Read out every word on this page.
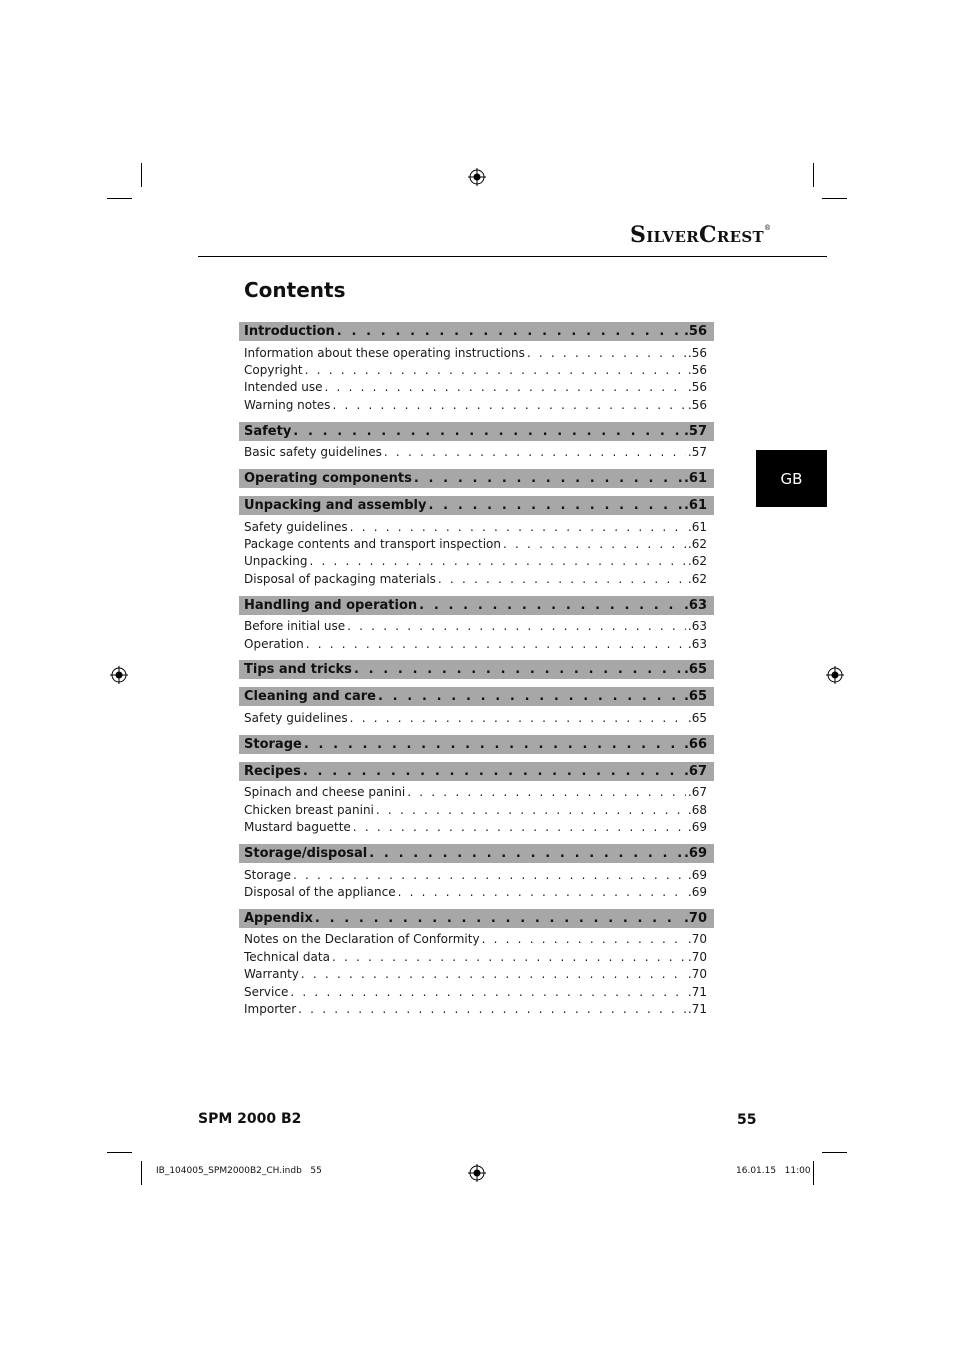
SILVERCREST®
Contents
GB
Introduction . . .	.56
Information about these operating instructions . . .	.56
Copyright . . .	.56
Intended use . . .	.56
Warning notes . . .	.56
Safety . . .	.57
Basic safety guidelines . . .	.57
Operating components . . .	.61
Unpacking and assembly . . .	.61
Safety guidelines . . .	.61
Package contents and transport inspection . . .	.62
Unpacking . . .	.62
Disposal of packaging materials . . .	.62
Handling and operation . . .	.63
Before initial use . . .	.63
Operation . . .	.63
Tips and tricks . . .	.65
Cleaning and care . . .	.65
Safety guidelines . . .	.65
Storage . . .	.66
Recipes . . .	.67
Spinach and cheese panini . . .	.67
Chicken breast panini . . .	.68
Mustard baguette . . .	.69
Storage/disposal . . .	.69
Storage . . .	.69
Disposal of the appliance . . .	.69
Appendix . . .	.70
Notes on the Declaration of Conformity . . .	.70
Technical data . . .	.70
Warranty . . .	.70
Service . . .	.71
Importer . . .	.71
SPM 2000 B2	55
IB_104005_SPM2000B2_CH.indb   55	16.01.15   11:00
